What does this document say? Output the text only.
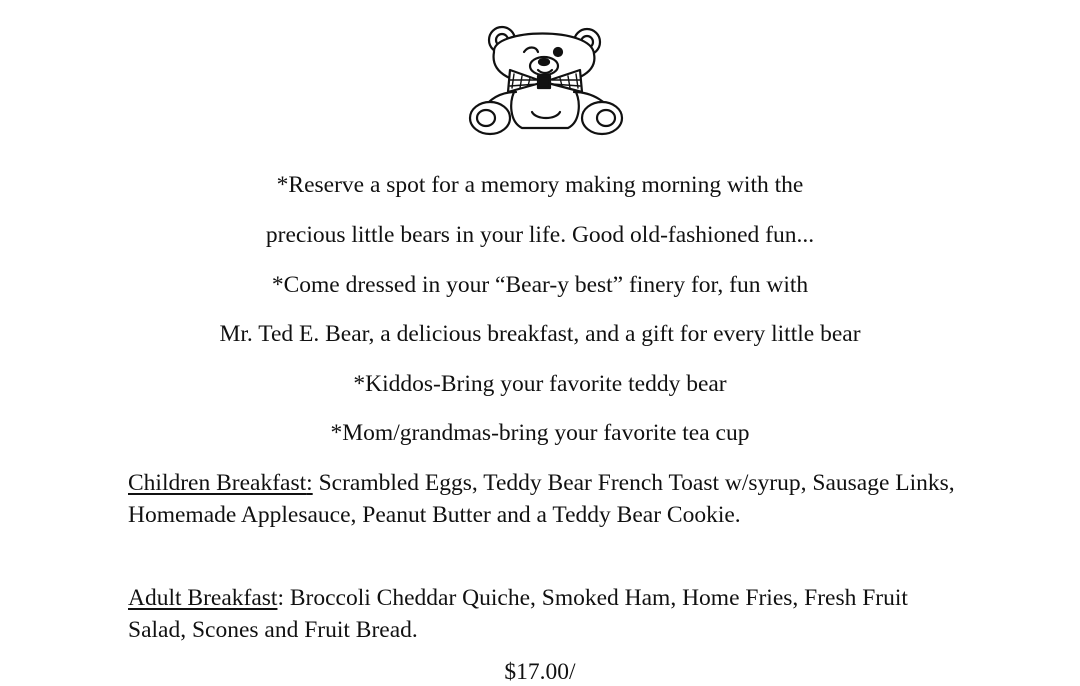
*Reserve a spot for a memory making morning with the
precious little bears in your life. Good old-fashioned fun...
*Come dressed in your “Bear-y best” finery for, fun with
Mr. Ted E. Bear, a delicious breakfast, and a gift for every little bear
*Kiddos-Bring your favorite teddy bear
*Mom/grandmas-bring your favorite tea cup
Children Breakfast: Scrambled Eggs, Teddy Bear French Toast w/syrup, Sausage Links, Homemade Applesauce, Peanut Butter and a Teddy Bear Cookie.
Adult Breakfast: Broccoli Cheddar Quiche, Smoked Ham, Home Fries, Fresh Fruit Salad, Scones and Fruit Bread.
$17.00/
